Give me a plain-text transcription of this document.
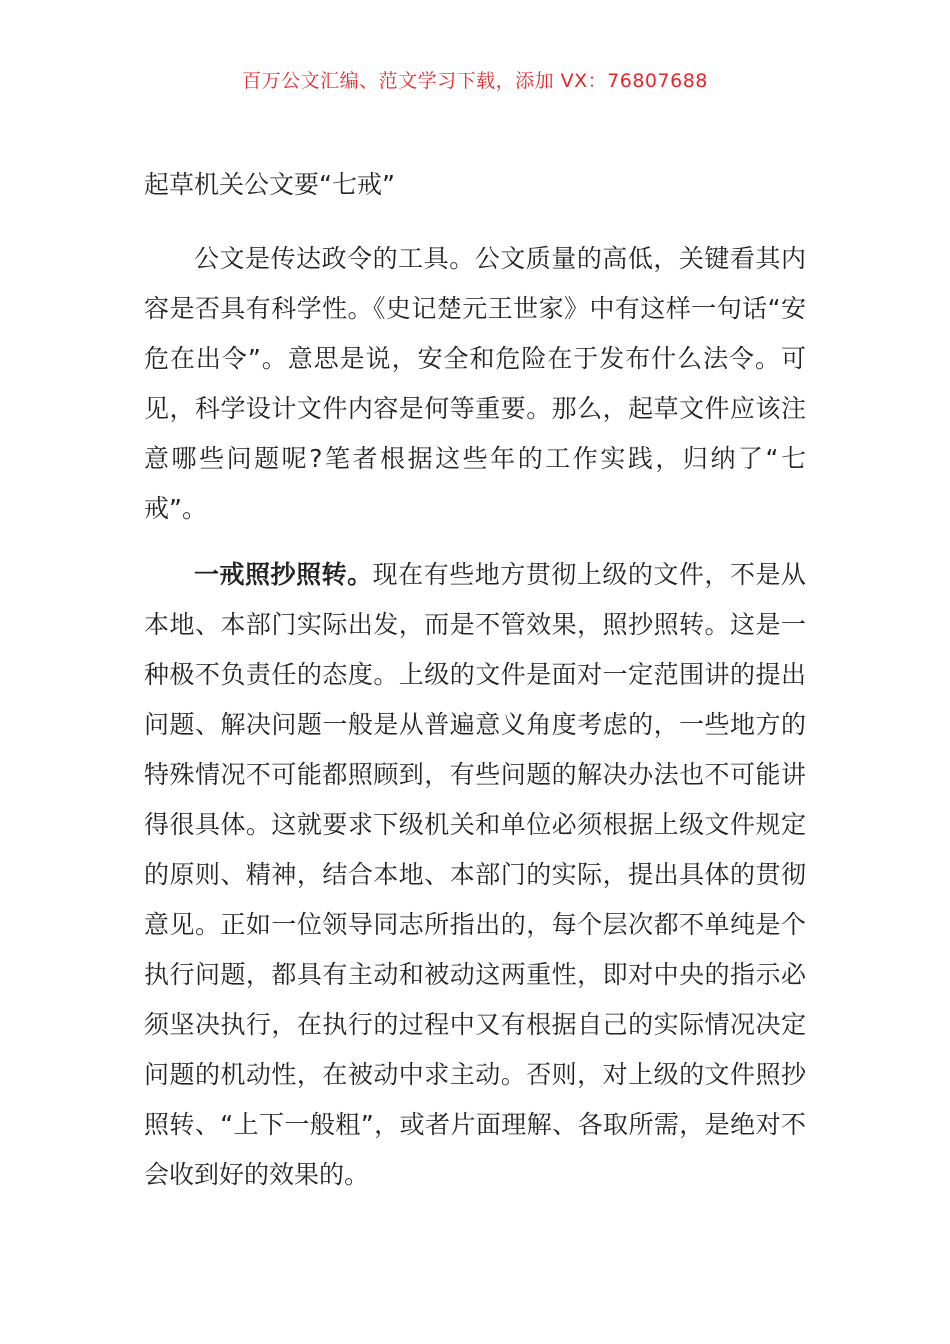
百万公文汇编、范文学习下载，添加 VX：76807688
起草机关公文要“七戒”

公文是传达政令的工具。公文质量的高低，关键看其内容是否具有科学性。《史记楚元王世家》中有这样一句话“安危在出令”。意思是说，安全和危险在于发布什么法令。可见，科学设计文件内容是何等重要。那么，起草文件应该注意哪些问题呢?笔者根据这些年的工作实践，归纳了“七戒”。

一戒照抄照转。现在有些地方贯彻上级的文件，不是从本地、本部门实际出发，而是不管效果，照抄照转。这是一种极不负责任的态度。上级的文件是面对一定范围讲的提出问题、解决问题一般是从普遍意义角度考虑的，一些地方的特殊情况不可能都照顾到，有些问题的解决办法也不可能讲得很具体。这就要求下级机关和单位必须根据上级文件规定的原则、精神，结合本地、本部门的实际，提出具体的贯彻意见。正如一位领导同志所指出的，每个层次都不单纯是个执行问题，都具有主动和被动这两重性，即对中央的指示必须坚决执行，在执行的过程中又有根据自己的实际情况决定问题的机动性，在被动中求主动。否则，对上级的文件照抄照转、“上下一般粗”，或者片面理解、各取所需，是绝对不会收到好的效果的。
